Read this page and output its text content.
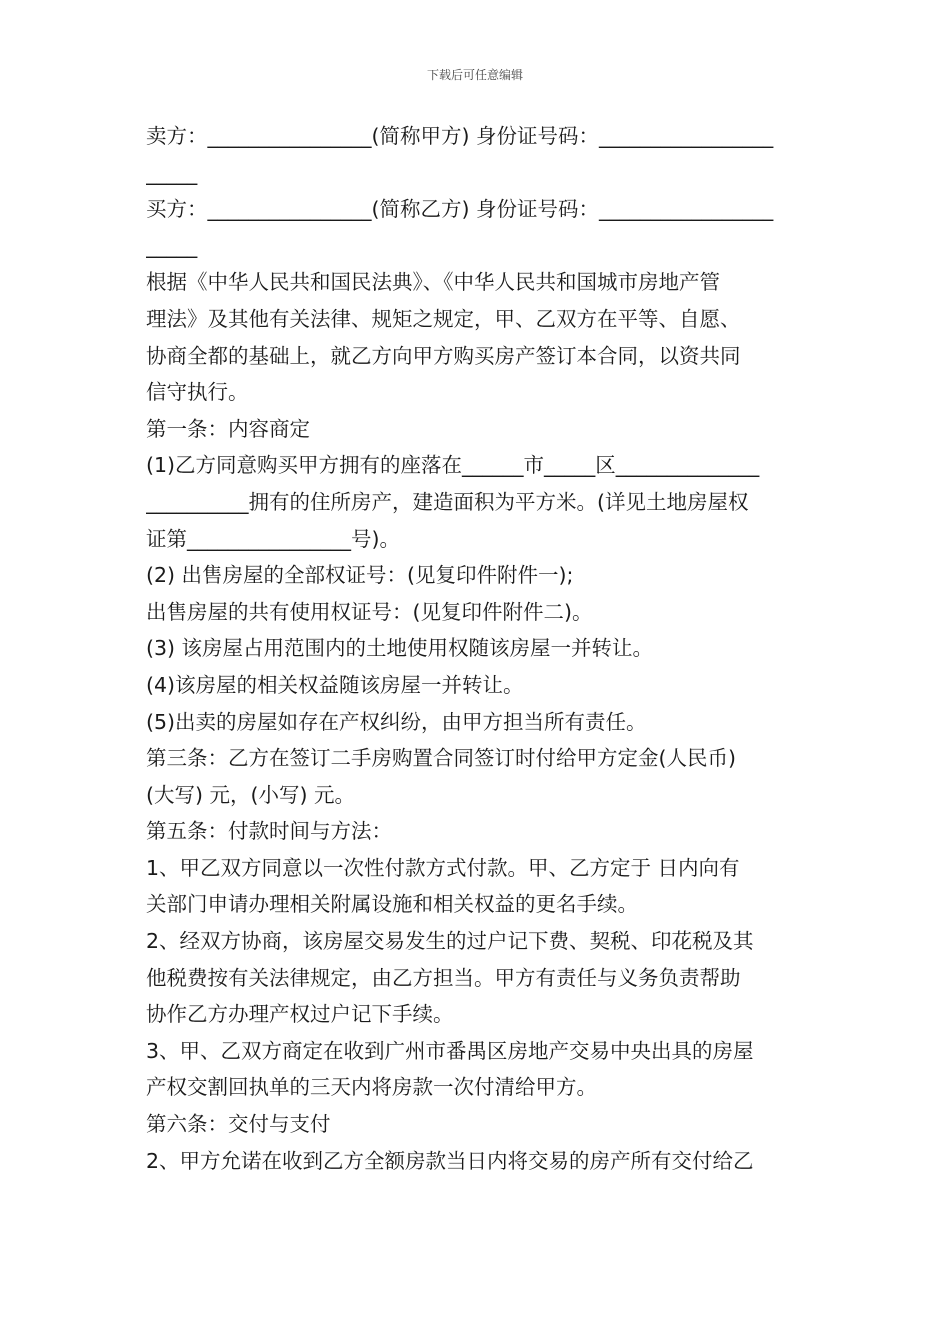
下载后可任意编辑
卖方：________________(简称甲方) 身份证号码：_________________
_____
买方：________________(简称乙方) 身份证号码：_________________
_____
根据《中华人民共和国民法典》、《中华人民共和国城市房地产管
理法》及其他有关法律、规矩之规定，甲、乙双方在平等、自愿、
协商全都的基础上，就乙方向甲方购买房产签订本合同，以资共同
信守执行。
第一条：内容商定
(1)乙方同意购买甲方拥有的座落在______市_____区______________
__________拥有的住所房产，建造面积为平方米。(详见土地房屋权
证第________________号)。
(2) 出售房屋的全部权证号：(见复印件附件一);
出售房屋的共有使用权证号：(见复印件附件二)。
(3) 该房屋占用范围内的土地使用权随该房屋一并转让。
(4)该房屋的相关权益随该房屋一并转让。
(5)出卖的房屋如存在产权纠纷，由甲方担当所有责任。
第三条：乙方在签订二手房购置合同签订时付给甲方定金(人民币)
(大写) 元，(小写) 元。
第五条：付款时间与方法：
1、甲乙双方同意以一次性付款方式付款。甲、乙方定于 日内向有
关部门申请办理相关附属设施和相关权益的更名手续。
2、经双方协商，该房屋交易发生的过户记下费、契税、印花税及其
他税费按有关法律规定，由乙方担当。甲方有责任与义务负责帮助
协作乙方办理产权过户记下手续。
3、甲、乙双方商定在收到广州市番禺区房地产交易中央出具的房屋
产权交割回执单的三天内将房款一次付清给甲方。
第六条：交付与支付
2、甲方允诺在收到乙方全额房款当日内将交易的房产所有交付给乙
